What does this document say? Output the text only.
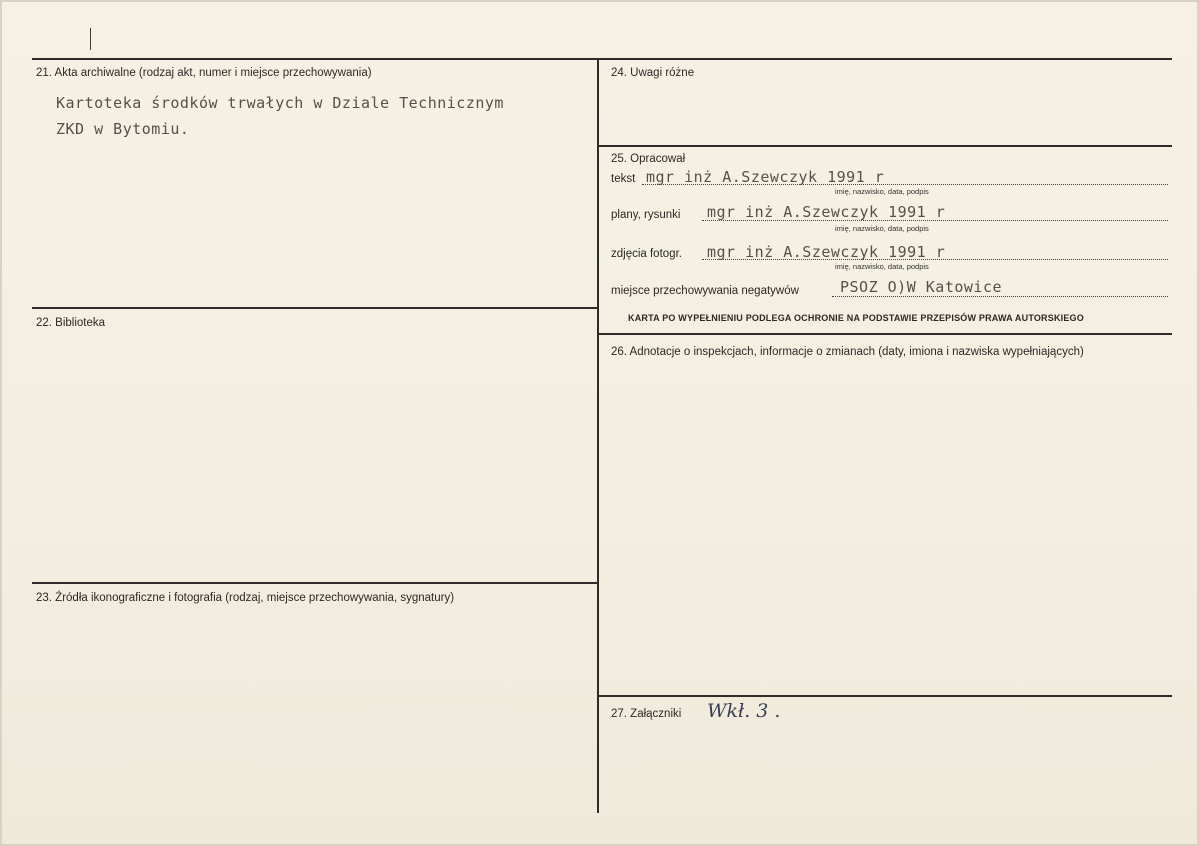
21. Akta archiwalne (rodzaj akt, numer i miejsce przechowywania)
Kartoteka środków trwałych w Dziale Technicznym
ZKD w Bytomiu.
22. Biblioteka
23. Źródła ikonograficzne i fotografia (rodzaj, miejsce przechowywania, sygnatury)
24. Uwagi różne
25. Opracował
tekst mgr inż A.Szewczyk 1991 r
imię, nazwisko, data, podpis
plany, rysunki mgr inż A.Szewczyk 1991 r
imię, nazwisko, data, podpis
zdjęcia fotogr. mgr inż A.Szewczyk 1991 r
imię, nazwisko, data, podpis
miejsce przechowywania negatywów	PSOZ O)W Katowice
KARTA PO WYPEŁNIENIU PODLEGA OCHRONIE NA PODSTAWIE PRZEPISÓW PRAWA AUTORSKIEGO
26. Adnotacje o inspekcjach, informacje o zmianach (daty, imiona i nazwiska wypełniających)
27. Załączniki Wkł. 3 .
